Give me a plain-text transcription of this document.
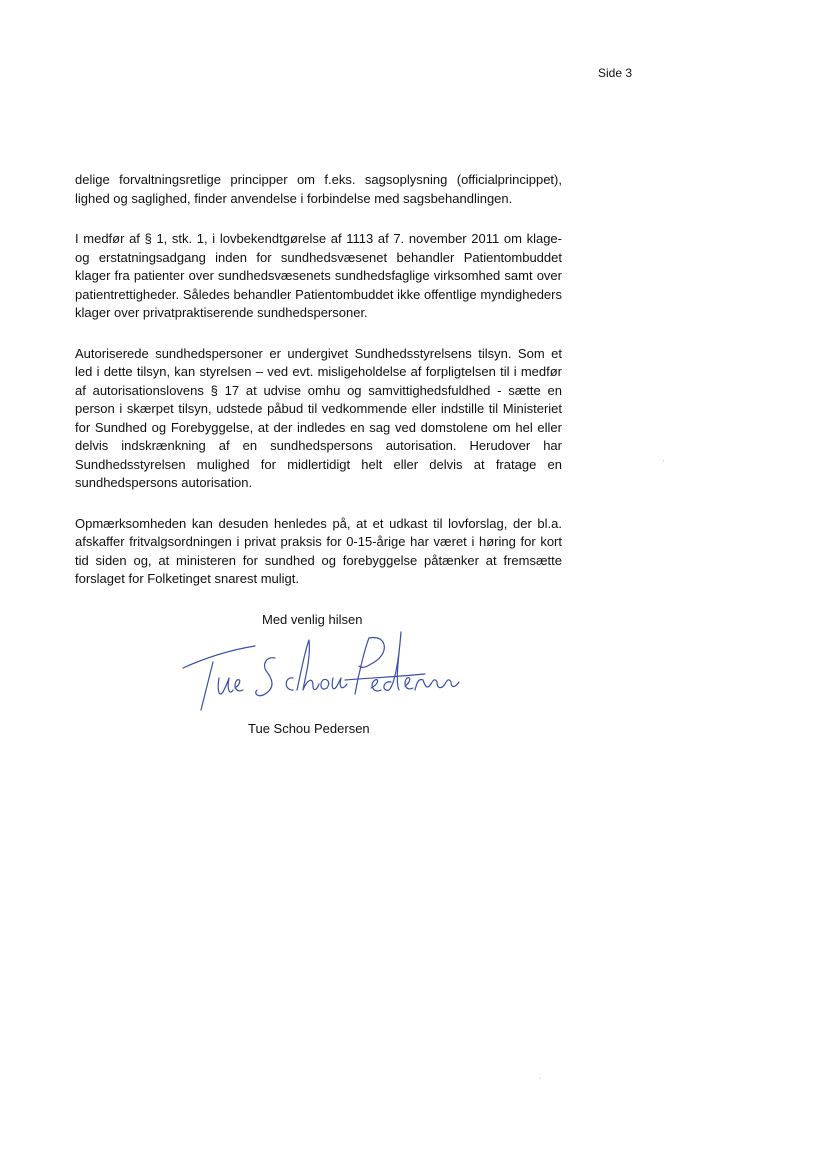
Side 3

delige forvaltningsretlige principper om f.eks. sagsoplysning (officialprincippet), lighed og saglighed, finder anvendelse i forbindelse med sagsbehandlingen.

I medfør af § 1, stk. 1, i lovbekendtgørelse af 1113 af 7. november 2011 om klage- og erstatningsadgang inden for sundhedsvæsenet behandler Patientombuddet klager fra patienter over sundhedsvæsenets sundhedsfaglige virksomhed samt over patientrettigheder. Således behandler Patientombuddet ikke offentlige myndigheders klager over privatpraktiserende sundhedspersoner.

Autoriserede sundhedspersoner er undergivet Sundhedsstyrelsens tilsyn. Som et led i dette tilsyn, kan styrelsen – ved evt. misligeholdelse af forpligtelsen til i medfør af autorisationslovens § 17 at udvise omhu og samvittighedsfuldhed - sætte en person i skærpet tilsyn, udstede påbud til vedkommende eller indstille til Ministeriet for Sundhed og Forebyggelse, at der indledes en sag ved domstolene om hel eller delvis indskrænkning af en sundhedspersons autorisation. Herudover har Sundhedsstyrelsen mulighed for midlertidigt helt eller delvis at fratage en sundhedspersons autorisation.

Opmærksomheden kan desuden henledes på, at et udkast til lovforslag, der bl.a. afskaffer fritvalgsordningen i privat praksis for 0-15-årige har været i høring for kort tid siden og, at ministeren for sundhed og forebyggelse påtænker at fremsætte forslaget for Folketinget snarest muligt.

Med venlig hilsen
Tue Schou Pedersen
